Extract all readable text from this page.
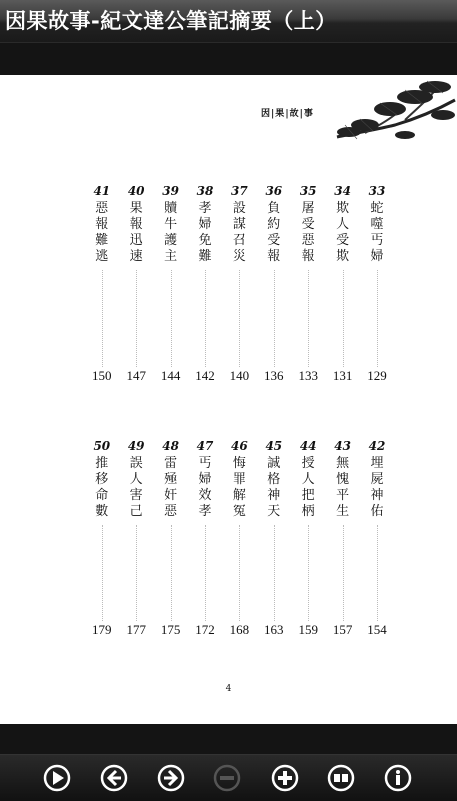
因果故事-紀文達公筆記摘要（上）
因|果|故|事
4
33
蛇
噬
丐
婦
129
34
欺
人
受
欺
131
35
屠
受
惡
報
133
36
負
約
受
報
136
37
設
謀
召
災
140
38
孝
婦
免
難
142
39
贖
牛
護
主
144
40
果
報
迅
速
147
41
惡
報
難
逃
150
42
埋
屍
神
佑
154
43
無
愧
平
生
157
44
授
人
把
柄
159
45
誠
格
神
天
163
46
悔
罪
解
冤
168
47
丐
婦
效
孝
172
48
雷
殛
奸
惡
175
49
誤
人
害
己
177
50
推
移
命
數
179
